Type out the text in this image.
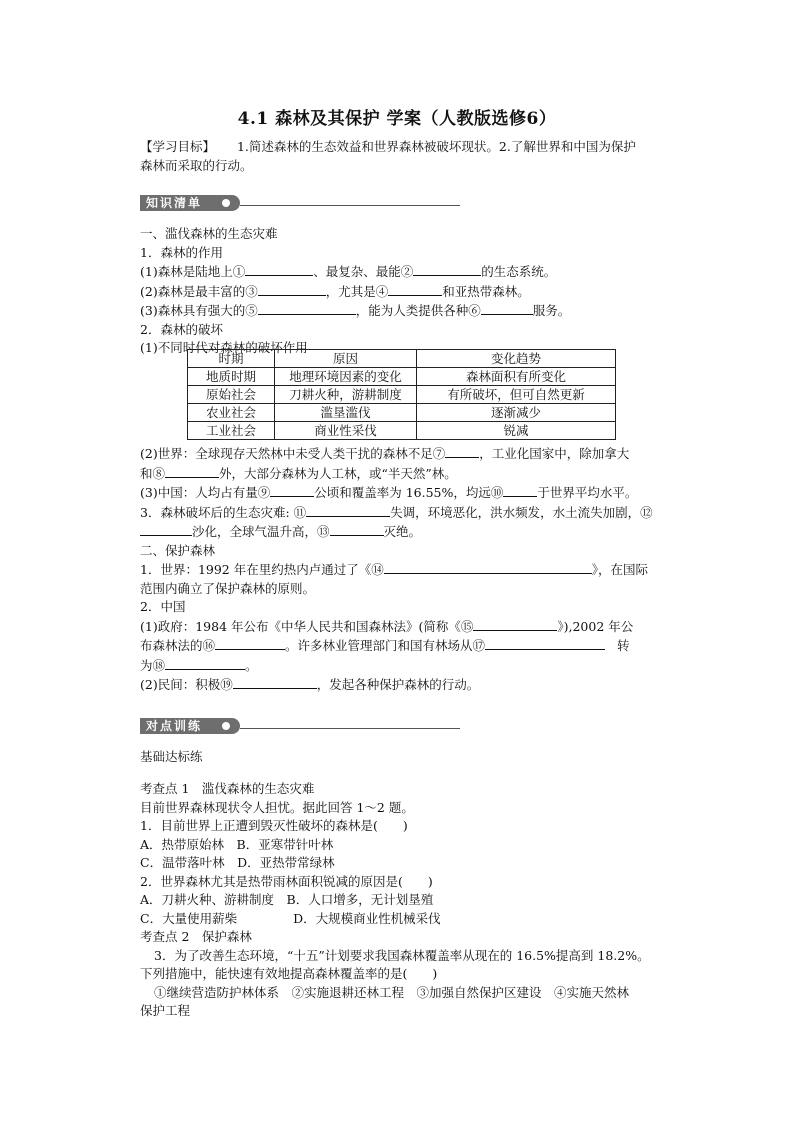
4.1 森林及其保护 学案（人教版选修6）
【学习目标】 1.简述森林的生态效益和世界森林被破坏现状。2.了解世界和中国为保护
森林而采取的行动。
知识清单
一、滥伐森林的生态灾难
1．森林的作用
(1)森林是陆地上①	、最复杂、最能②	的生态系统。
(2)森林是最丰富的③	，尤其是④	和亚热带森林。
(3)森林具有强大的⑤	，能为人类提供各种⑥	服务。
2．森林的破坏
(1)不同时代对森林的破坏作用
时期	原因	变化趋势
地质时期	地理环境因素的变化	森林面积有所变化
原始社会	刀耕火种，游耕制度	有所破坏，但可自然更新
农业社会	滥垦滥伐	逐渐减少
工业社会	商业性采伐	锐减
(2)世界：全球现存天然林中未受人类干扰的森林不足⑦	，工业化国家中，除加拿大
和⑧	外，大部分森林为人工林，或“半天然”林。
(3)中国：人均占有量⑨	公顷和覆盖率为 16.55%，均远⑩	于世界平均水平。
3．森林破坏后的生态灾难: ⑪	失调，环境恶化，洪水频发，水土流失加剧，⑫
沙化，全球气温升高，⑬	灭绝。
二、保护森林
1．世界：1992 年在里约热内卢通过了《⑭	》，在国际
范围内确立了保护森林的原则。
2．中国
(1)政府：1984 年公布《中华人民共和国森林法》(简称《⑮	》),2002 年公
布森林法的⑯	。许多林业管理部门和国有林场从⑰	转
为⑱	。
(2)民间：积极⑲	，发起各种保护森林的行动。
对点训练
基础达标练
考查点 1　滥伐森林的生态灾难
目前世界森林现状令人担忧。据此回答 1～2 题。
1．目前世界上正遭到毁灭性破坏的森林是(　　)
A．热带原始林　B．亚寒带针叶林
C．温带落叶林　D．亚热带常绿林
2．世界森林尤其是热带雨林面积锐减的原因是(　　)
A．刀耕火种、游耕制度　B．人口增多，无计划垦殖
C．大量使用薪柴	D．大规模商业性机械采伐
考查点 2　保护森林
3．为了改善生态环境，“十五”计划要求我国森林覆盖率从现在的 16.5%提高到 18.2%。
下列措施中，能快速有效地提高森林覆盖率的是(　　)
①继续营造防护林体系　②实施退耕还林工程　③加强自然保护区建设　④实施天然林
保护工程
